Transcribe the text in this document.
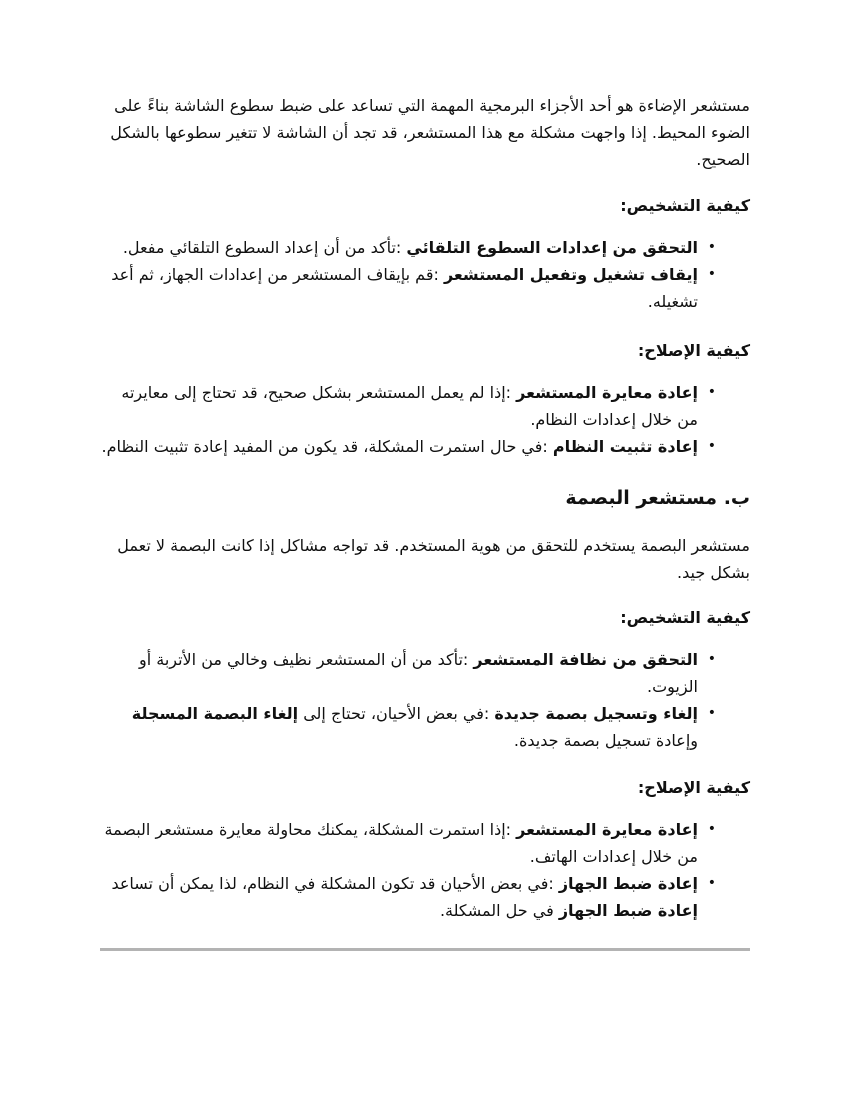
مستشعر الإضاءة هو أحد الأجزاء البرمجية المهمة التي تساعد على ضبط سطوع الشاشة بناءً على الضوء المحيط. إذا واجهت مشكلة مع هذا المستشعر، قد تجد أن الشاشة لا تتغير سطوعها بالشكل الصحيح.

كيفية التشخيص:

•
التحقق من إعدادات السطوع التلقائي :تأكد من أن إعداد السطوع التلقائي مفعل.
•
إيقاف تشغيل وتفعيل المستشعر :قم بإيقاف المستشعر من إعدادات الجهاز، ثم أعد تشغيله.

كيفية الإصلاح:

•
إعادة معايرة المستشعر :إذا لم يعمل المستشعر بشكل صحيح، قد تحتاج إلى معايرته من خلال إعدادات النظام.
•
إعادة تثبيت النظام :في حال استمرت المشكلة، قد يكون من المفيد إعادة تثبيت النظام.

ب. مستشعر البصمة

مستشعر البصمة يستخدم للتحقق من هوية المستخدم. قد تواجه مشاكل إذا كانت البصمة لا تعمل بشكل جيد.

كيفية التشخيص:

•
التحقق من نظافة المستشعر :تأكد من أن المستشعر نظيف وخالي من الأتربة أو الزيوت.
•
إلغاء وتسجيل بصمة جديدة :في بعض الأحيان، تحتاج إلى إلغاء البصمة المسجلة وإعادة تسجيل بصمة جديدة.

كيفية الإصلاح:

•
إعادة معايرة المستشعر :إذا استمرت المشكلة، يمكنك محاولة معايرة مستشعر البصمة من خلال إعدادات الهاتف.
•
إعادة ضبط الجهاز :في بعض الأحيان قد تكون المشكلة في النظام، لذا يمكن أن تساعد إعادة ضبط الجهاز في حل المشكلة.
